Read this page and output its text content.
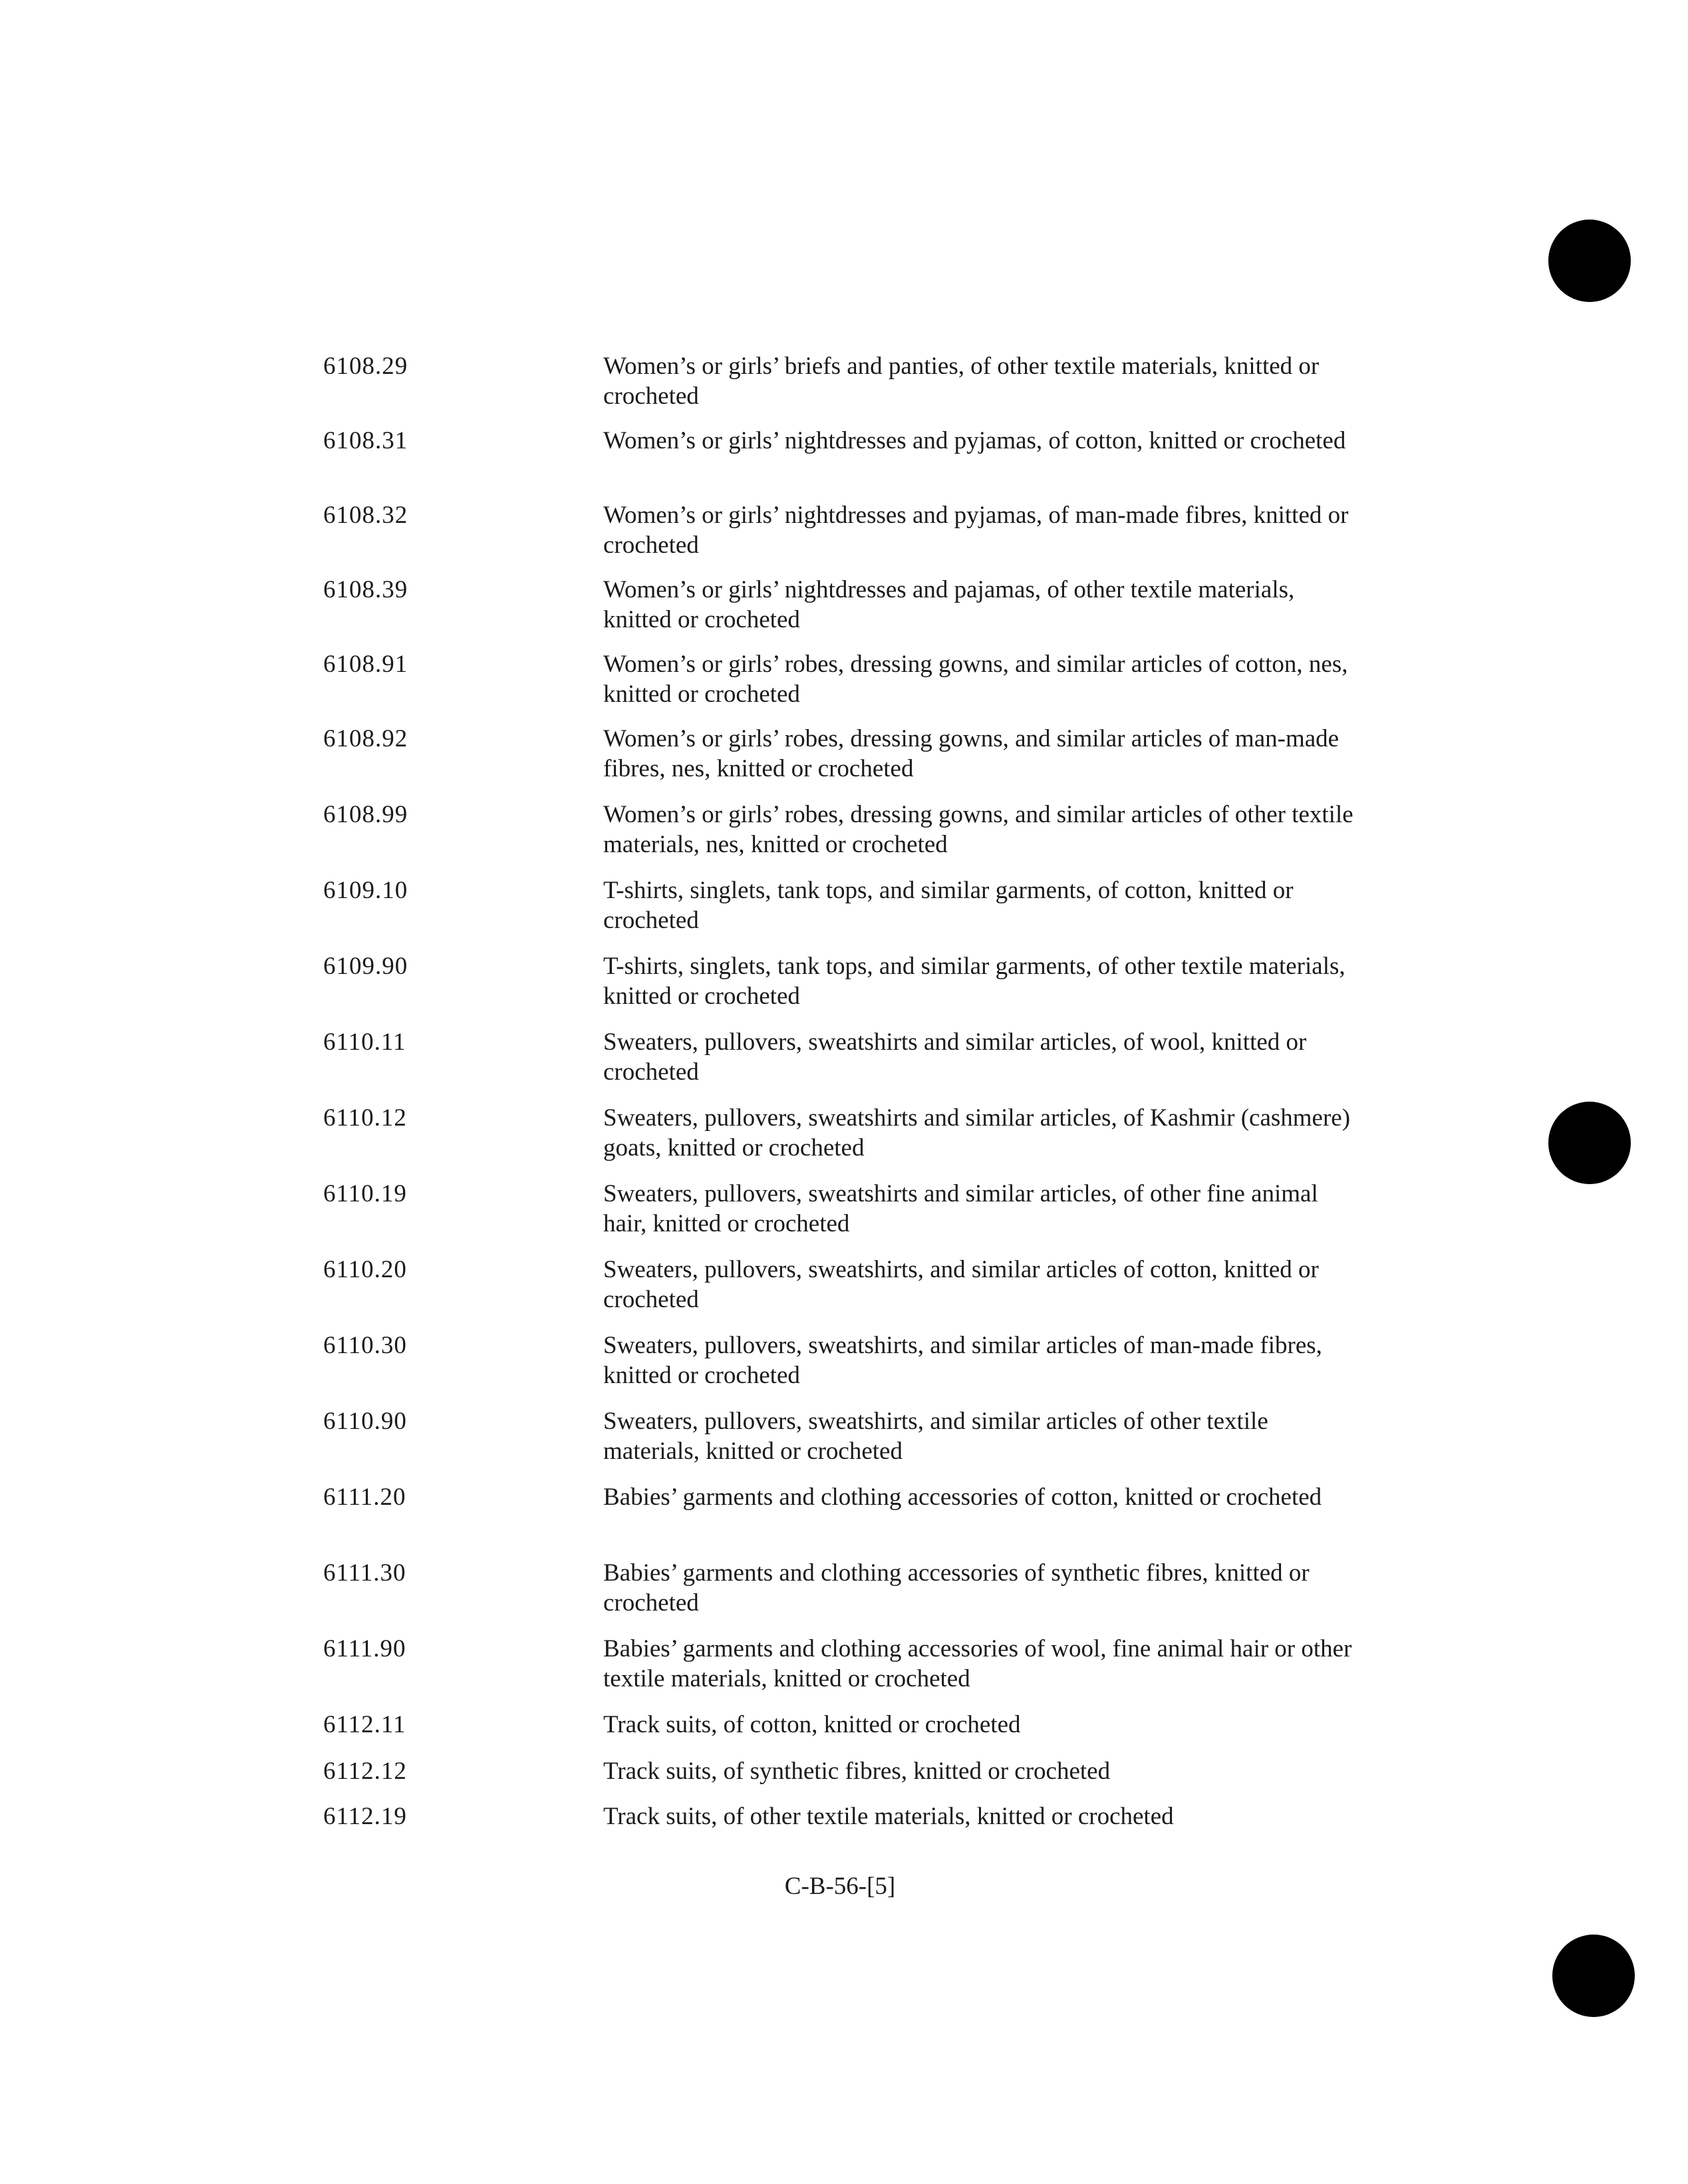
6108.29	Women’s or girls’ briefs and panties, of other textile materials, knitted or crocheted
6108.31	Women’s or girls’ nightdresses and pyjamas, of cotton, knitted or crocheted
6108.32	Women’s or girls’ nightdresses and pyjamas, of man-made fibres, knitted or crocheted
6108.39	Women’s or girls’ nightdresses and pajamas, of other textile materials, knitted or crocheted
6108.91	Women’s or girls’ robes, dressing gowns, and similar articles of cotton, nes, knitted or crocheted
6108.92	Women’s or girls’ robes, dressing gowns, and similar articles of man-made fibres, nes, knitted or crocheted
6108.99	Women’s or girls’ robes, dressing gowns, and similar articles of other textile materials, nes, knitted or crocheted
6109.10	T-shirts, singlets, tank tops, and similar garments, of cotton, knitted or crocheted
6109.90	T-shirts, singlets, tank tops, and similar garments, of other textile materials, knitted or crocheted
6110.11	Sweaters, pullovers, sweatshirts and similar articles, of wool, knitted or crocheted
6110.12	Sweaters, pullovers, sweatshirts and similar articles, of Kashmir (cashmere) goats, knitted or crocheted
6110.19	Sweaters, pullovers, sweatshirts and similar articles, of other fine animal hair, knitted or crocheted
6110.20	Sweaters, pullovers, sweatshirts, and similar articles of cotton, knitted or crocheted
6110.30	Sweaters, pullovers, sweatshirts, and similar articles of man-made fibres, knitted or crocheted
6110.90	Sweaters, pullovers, sweatshirts, and similar articles of other textile materials, knitted or crocheted
6111.20	Babies’ garments and clothing accessories of cotton, knitted or crocheted
6111.30	Babies’ garments and clothing accessories of synthetic fibres, knitted or crocheted
6111.90	Babies’ garments and clothing accessories of wool, fine animal hair or other textile materials, knitted or crocheted
6112.11	Track suits, of cotton, knitted or crocheted
6112.12	Track suits, of synthetic fibres, knitted or crocheted
6112.19	Track suits, of other textile materials, knitted or crocheted
C-B-56-[5]
